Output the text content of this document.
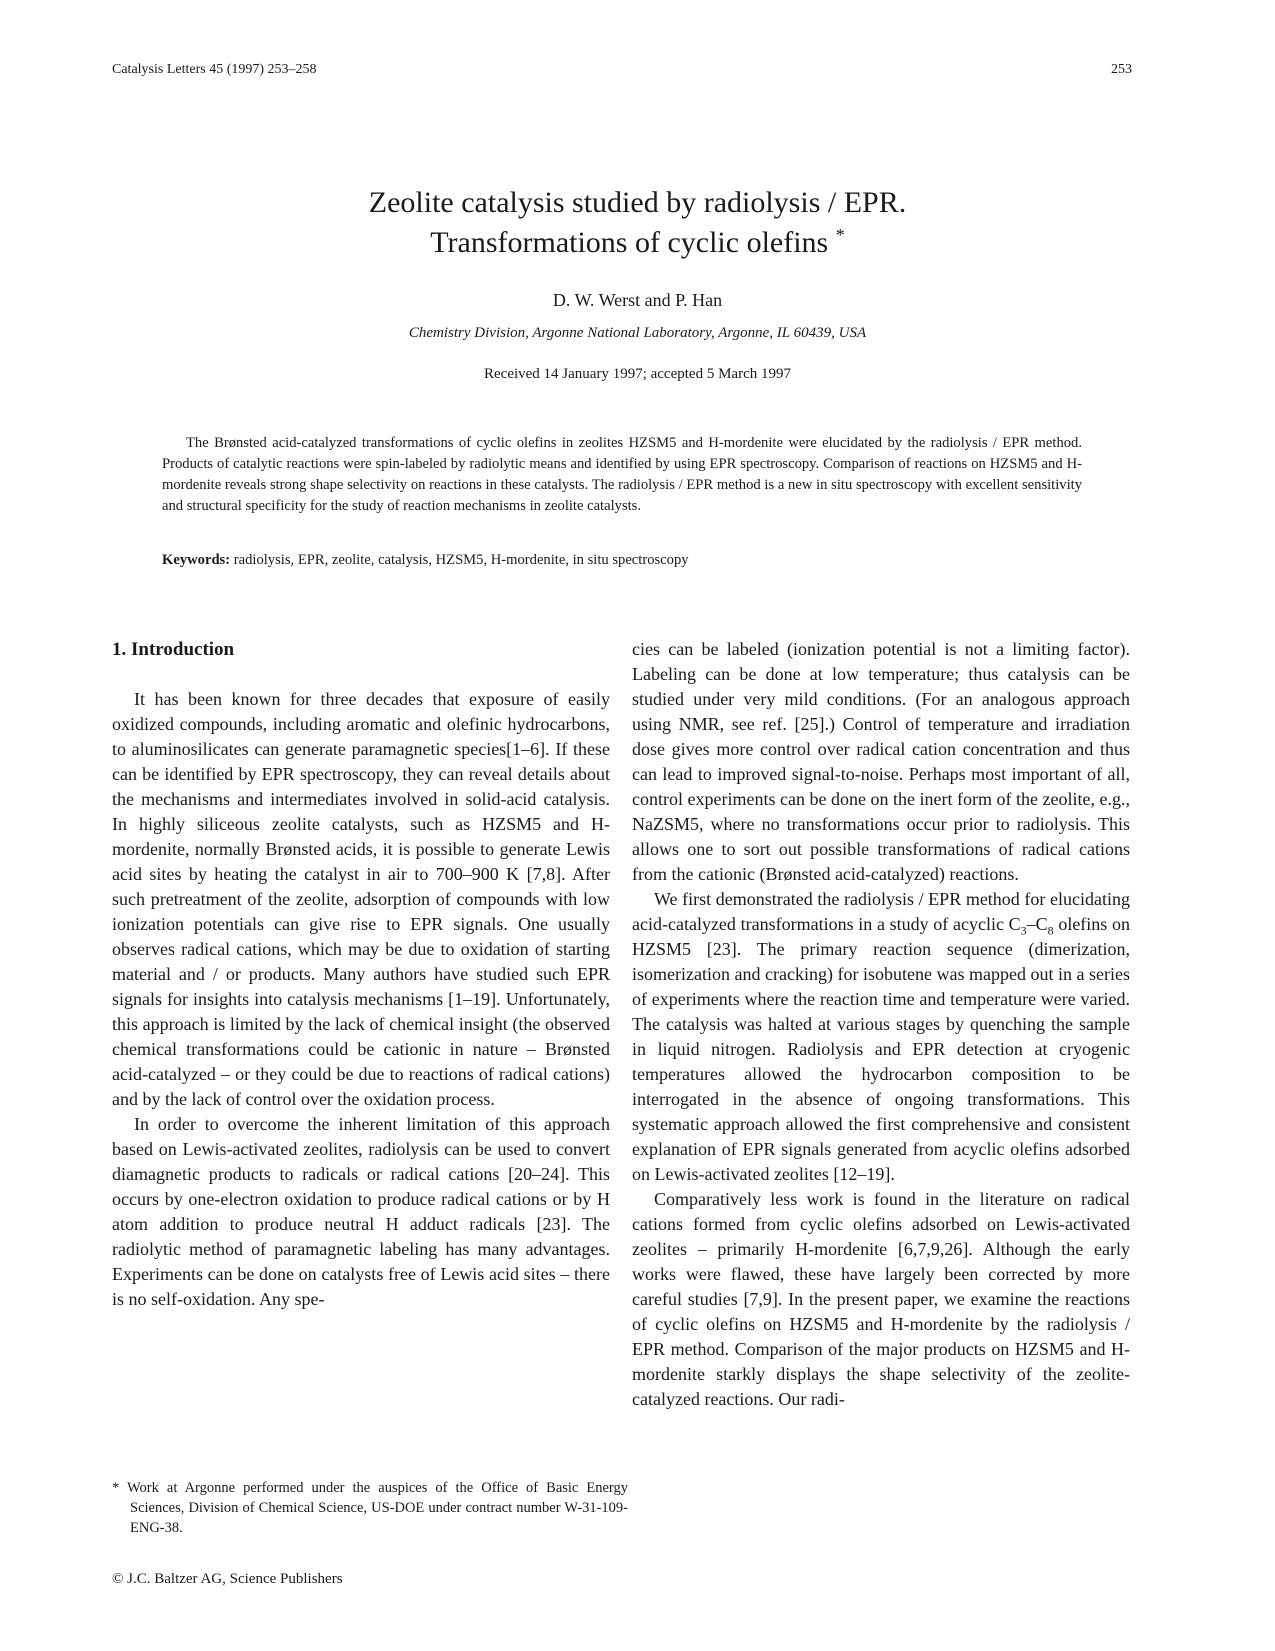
Catalysis Letters 45 (1997) 253–258	253
Zeolite catalysis studied by radiolysis / EPR.
Transformations of cyclic olefins *
D. W. Werst and P. Han
Chemistry Division, Argonne National Laboratory, Argonne, IL 60439, USA
Received 14 January 1997; accepted 5 March 1997
The Brønsted acid-catalyzed transformations of cyclic olefins in zeolites HZSM5 and H-mordenite were elucidated by the radiolysis / EPR method. Products of catalytic reactions were spin-labeled by radiolytic means and identified by using EPR spectroscopy. Comparison of reactions on HZSM5 and H-mordenite reveals strong shape selectivity on reactions in these catalysts. The radiolysis / EPR method is a new in situ spectroscopy with excellent sensitivity and structural specificity for the study of reaction mechanisms in zeolite catalysts.
Keywords: radiolysis, EPR, zeolite, catalysis, HZSM5, H-mordenite, in situ spectroscopy
1. Introduction

It has been known for three decades that exposure of easily oxidized compounds, including aromatic and olefinic hydrocarbons, to aluminosilicates can generate paramagnetic species[1–6]. If these can be identified by EPR spectroscopy, they can reveal details about the mechanisms and intermediates involved in solid-acid catalysis. In highly siliceous zeolite catalysts, such as HZSM5 and H-mordenite, normally Brønsted acids, it is possible to generate Lewis acid sites by heating the catalyst in air to 700–900 K [7,8]. After such pretreatment of the zeolite, adsorption of compounds with low ionization potentials can give rise to EPR signals. One usually observes radical cations, which may be due to oxidation of starting material and / or products. Many authors have studied such EPR signals for insights into catalysis mechanisms [1–19]. Unfortunately, this approach is limited by the lack of chemical insight (the observed chemical transformations could be cationic in nature – Brønsted acid-catalyzed – or they could be due to reactions of radical cations) and by the lack of control over the oxidation process.

In order to overcome the inherent limitation of this approach based on Lewis-activated zeolites, radiolysis can be used to convert diamagnetic products to radicals or radical cations [20–24]. This occurs by one-electron oxidation to produce radical cations or by H atom addition to produce neutral H adduct radicals [23]. The radiolytic method of paramagnetic labeling has many advantages. Experiments can be done on catalysts free of Lewis acid sites – there is no self-oxidation. Any spe-

cies can be labeled (ionization potential is not a limiting factor). Labeling can be done at low temperature; thus catalysis can be studied under very mild conditions. (For an analogous approach using NMR, see ref. [25].) Control of temperature and irradiation dose gives more control over radical cation concentration and thus can lead to improved signal-to-noise. Perhaps most important of all, control experiments can be done on the inert form of the zeolite, e.g., NaZSM5, where no transformations occur prior to radiolysis. This allows one to sort out possible transformations of radical cations from the cationic (Brønsted acid-catalyzed) reactions.

We first demonstrated the radiolysis / EPR method for elucidating acid-catalyzed transformations in a study of acyclic $C_3-C_8$ olefins on HZSM5 [23]. The primary reaction sequence (dimerization, isomerization and cracking) for isobutene was mapped out in a series of experiments where the reaction time and temperature were varied. The catalysis was halted at various stages by quenching the sample in liquid nitrogen. Radiolysis and EPR detection at cryogenic temperatures allowed the hydrocarbon composition to be interrogated in the absence of ongoing transformations. This systematic approach allowed the first comprehensive and consistent explanation of EPR signals generated from acyclic olefins adsorbed on Lewis-activated zeolites [12–19].

Comparatively less work is found in the literature on radical cations formed from cyclic olefins adsorbed on Lewis-activated zeolites – primarily H-mordenite [6,7,9,26]. Although the early works were flawed, these have largely been corrected by more careful studies [7,9]. In the present paper, we examine the reactions of cyclic olefins on HZSM5 and H-mordenite by the radiolysis / EPR method. Comparison of the major products on HZSM5 and H-mordenite starkly displays the shape selectivity of the zeolite-catalyzed reactions. Our radi-

* Work at Argonne performed under the auspices of the Office of Basic Energy Sciences, Division of Chemical Science, US-DOE under contract number W-31-109-ENG-38.
© J.C. Baltzer AG, Science Publishers
